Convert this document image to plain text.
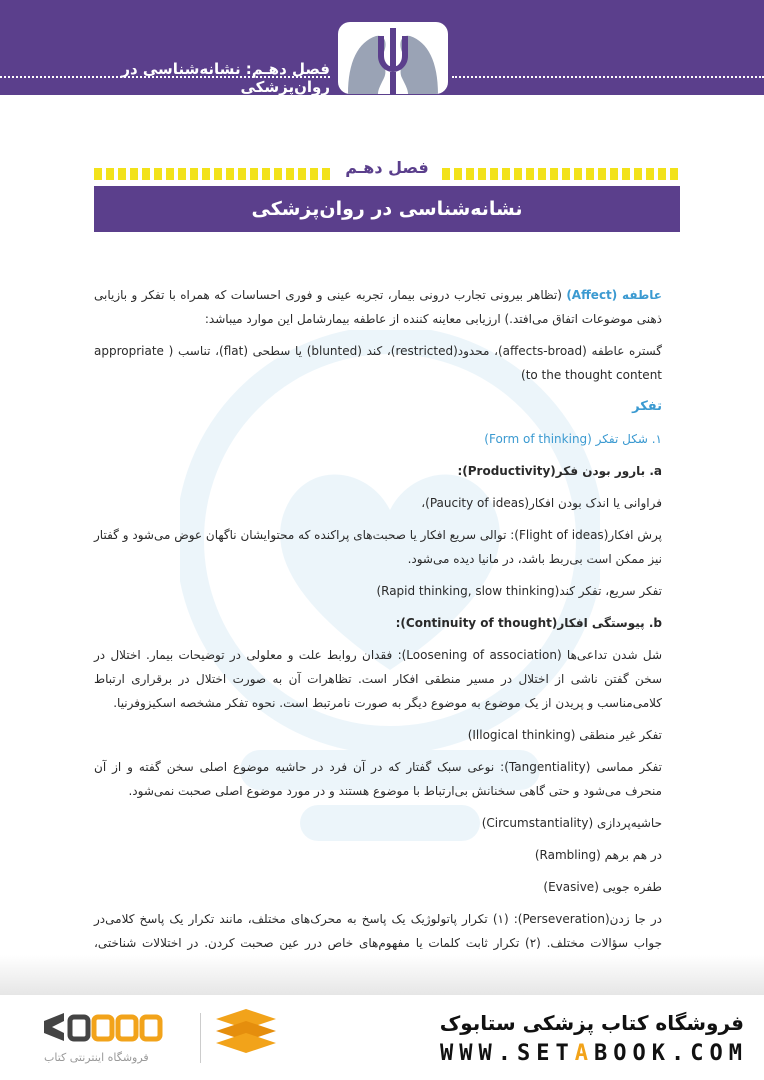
فصل دهـم: نشانه‌شناسی در روان‌پزشکی
فصل دهـم
نشانه‌شناسی در روان‌پزشکی

عاطفه (Affect) (تظاهر بیرونی تجارب درونی بیمار، تجربه عینی و فوری احساسات که همراه با تفکر و بازیابی ذهنی موضوعات اتفاق می‌افتد.) ارزیابی معاینه کننده از عاطفه بیمارشامل این موارد میباشد:

گستره عاطفه (affects-broad)، محدود(restricted)، کند (blunted) یا سطحی (flat)، تناسب ( appropriate to the thought content)

تفکر

۱. شکل تفکر (Form of thinking)

a. بارور بودن فکر(Productivity):

فراوانی یا اندک بودن افکار(Paucity of ideas)،

پرش افکار(Flight of ideas): توالی سریع افکار یا صحبت‌های پراکنده که محتوایشان ناگهان عوض می‌شود و گفتار نیز ممکن است بی‌ربط باشد، در مانیا دیده می‌شود.

تفکر سریع، تفکر کند(Rapid thinking, slow thinking)

b. پیوستگی افکار(Continuity of thought):

شل شدن تداعی‌ها (Loosening of association): فقدان روابط علت و معلولی در توضیحات بیمار. اختلال در سخن گفتن ناشی از اختلال در مسیر منطقی افکار است. تظاهرات آن به صورت اختلال در برقراری ارتباط کلامی‌مناسب و پریدن از یک موضوع به موضوع دیگر به صورت نامرتبط است. نحوه تفکر مشخصه اسکیزوفرنیا.

تفکر غیر منطقی (Illogical thinking)

تفکر مماسی (Tangentiality): نوعی سبک گفتار که در آن فرد در حاشیه موضوع اصلی سخن گفته و از آن منحرف می‌شود و حتی گاهی سخنانش بی‌ارتباط با موضوع هستند و در مورد موضوع اصلی صحبت نمی‌شود.

حاشیه‌پردازی (Circumstantiality)

در هم برهم (Rambling)

طفره جویی (Evasive)

در جا زدن(Perseveration): (۱) تکرار پاتولوژیک یک پاسخ به محرک‌های مختلف، مانند تکرار یک پاسخ کلامی‌در جواب سؤالات مختلف. (۲) تکرار ثابت کلمات یا مفهوم‌های خاص درر عین صحبت کردن. در اختلالات شناختی،

فروشگاه اینترنتی کتاب
فروشگاه کتاب پزشکی ستابوک
WWW.SETABOOK.COM
